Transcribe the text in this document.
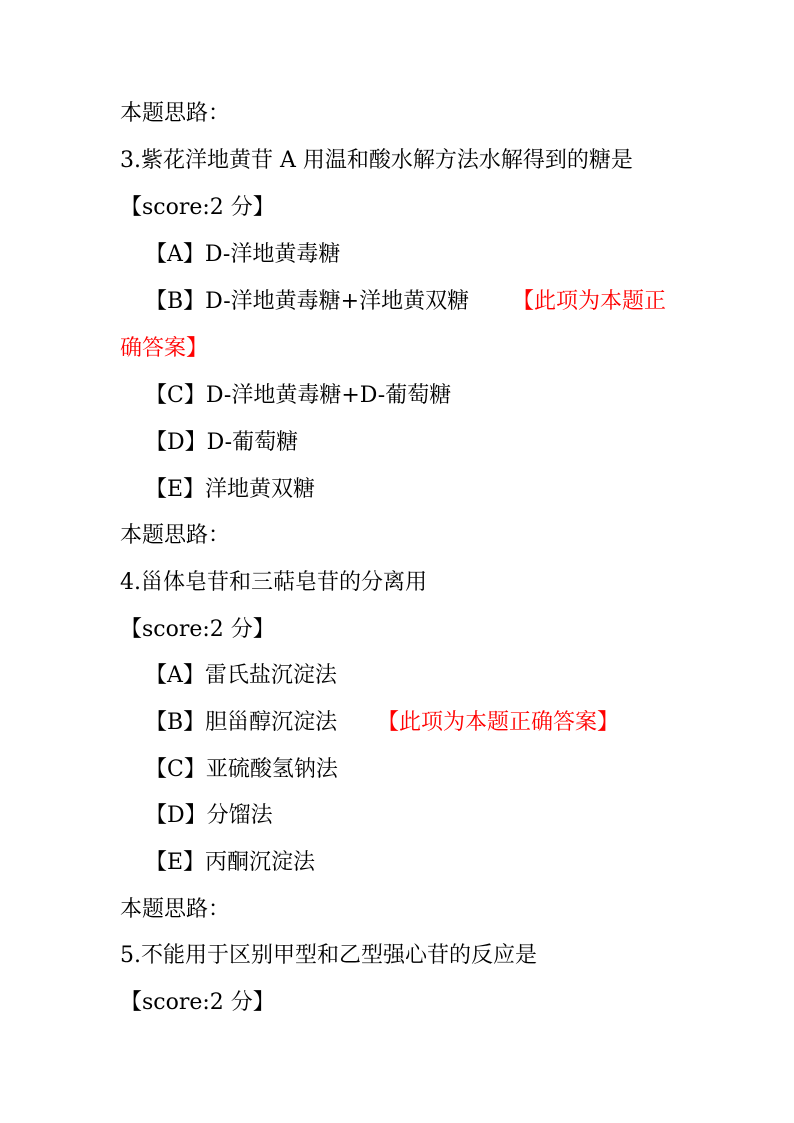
本题思路：
3.紫花洋地黄苷 A 用温和酸水解方法水解得到的糖是
【score:2 分】
【A】D-洋地黄毒糖
【B】D-洋地黄毒糖+洋地黄双糖 【此项为本题正
确答案】
【C】D-洋地黄毒糖+D-葡萄糖
【D】D-葡萄糖
【E】洋地黄双糖
本题思路：
4.甾体皂苷和三萜皂苷的分离用
【score:2 分】
【A】雷氏盐沉淀法
【B】胆甾醇沉淀法 【此项为本题正确答案】
【C】亚硫酸氢钠法
【D】分馏法
【E】丙酮沉淀法
本题思路：
5.不能用于区别甲型和乙型强心苷的反应是
【score:2 分】
